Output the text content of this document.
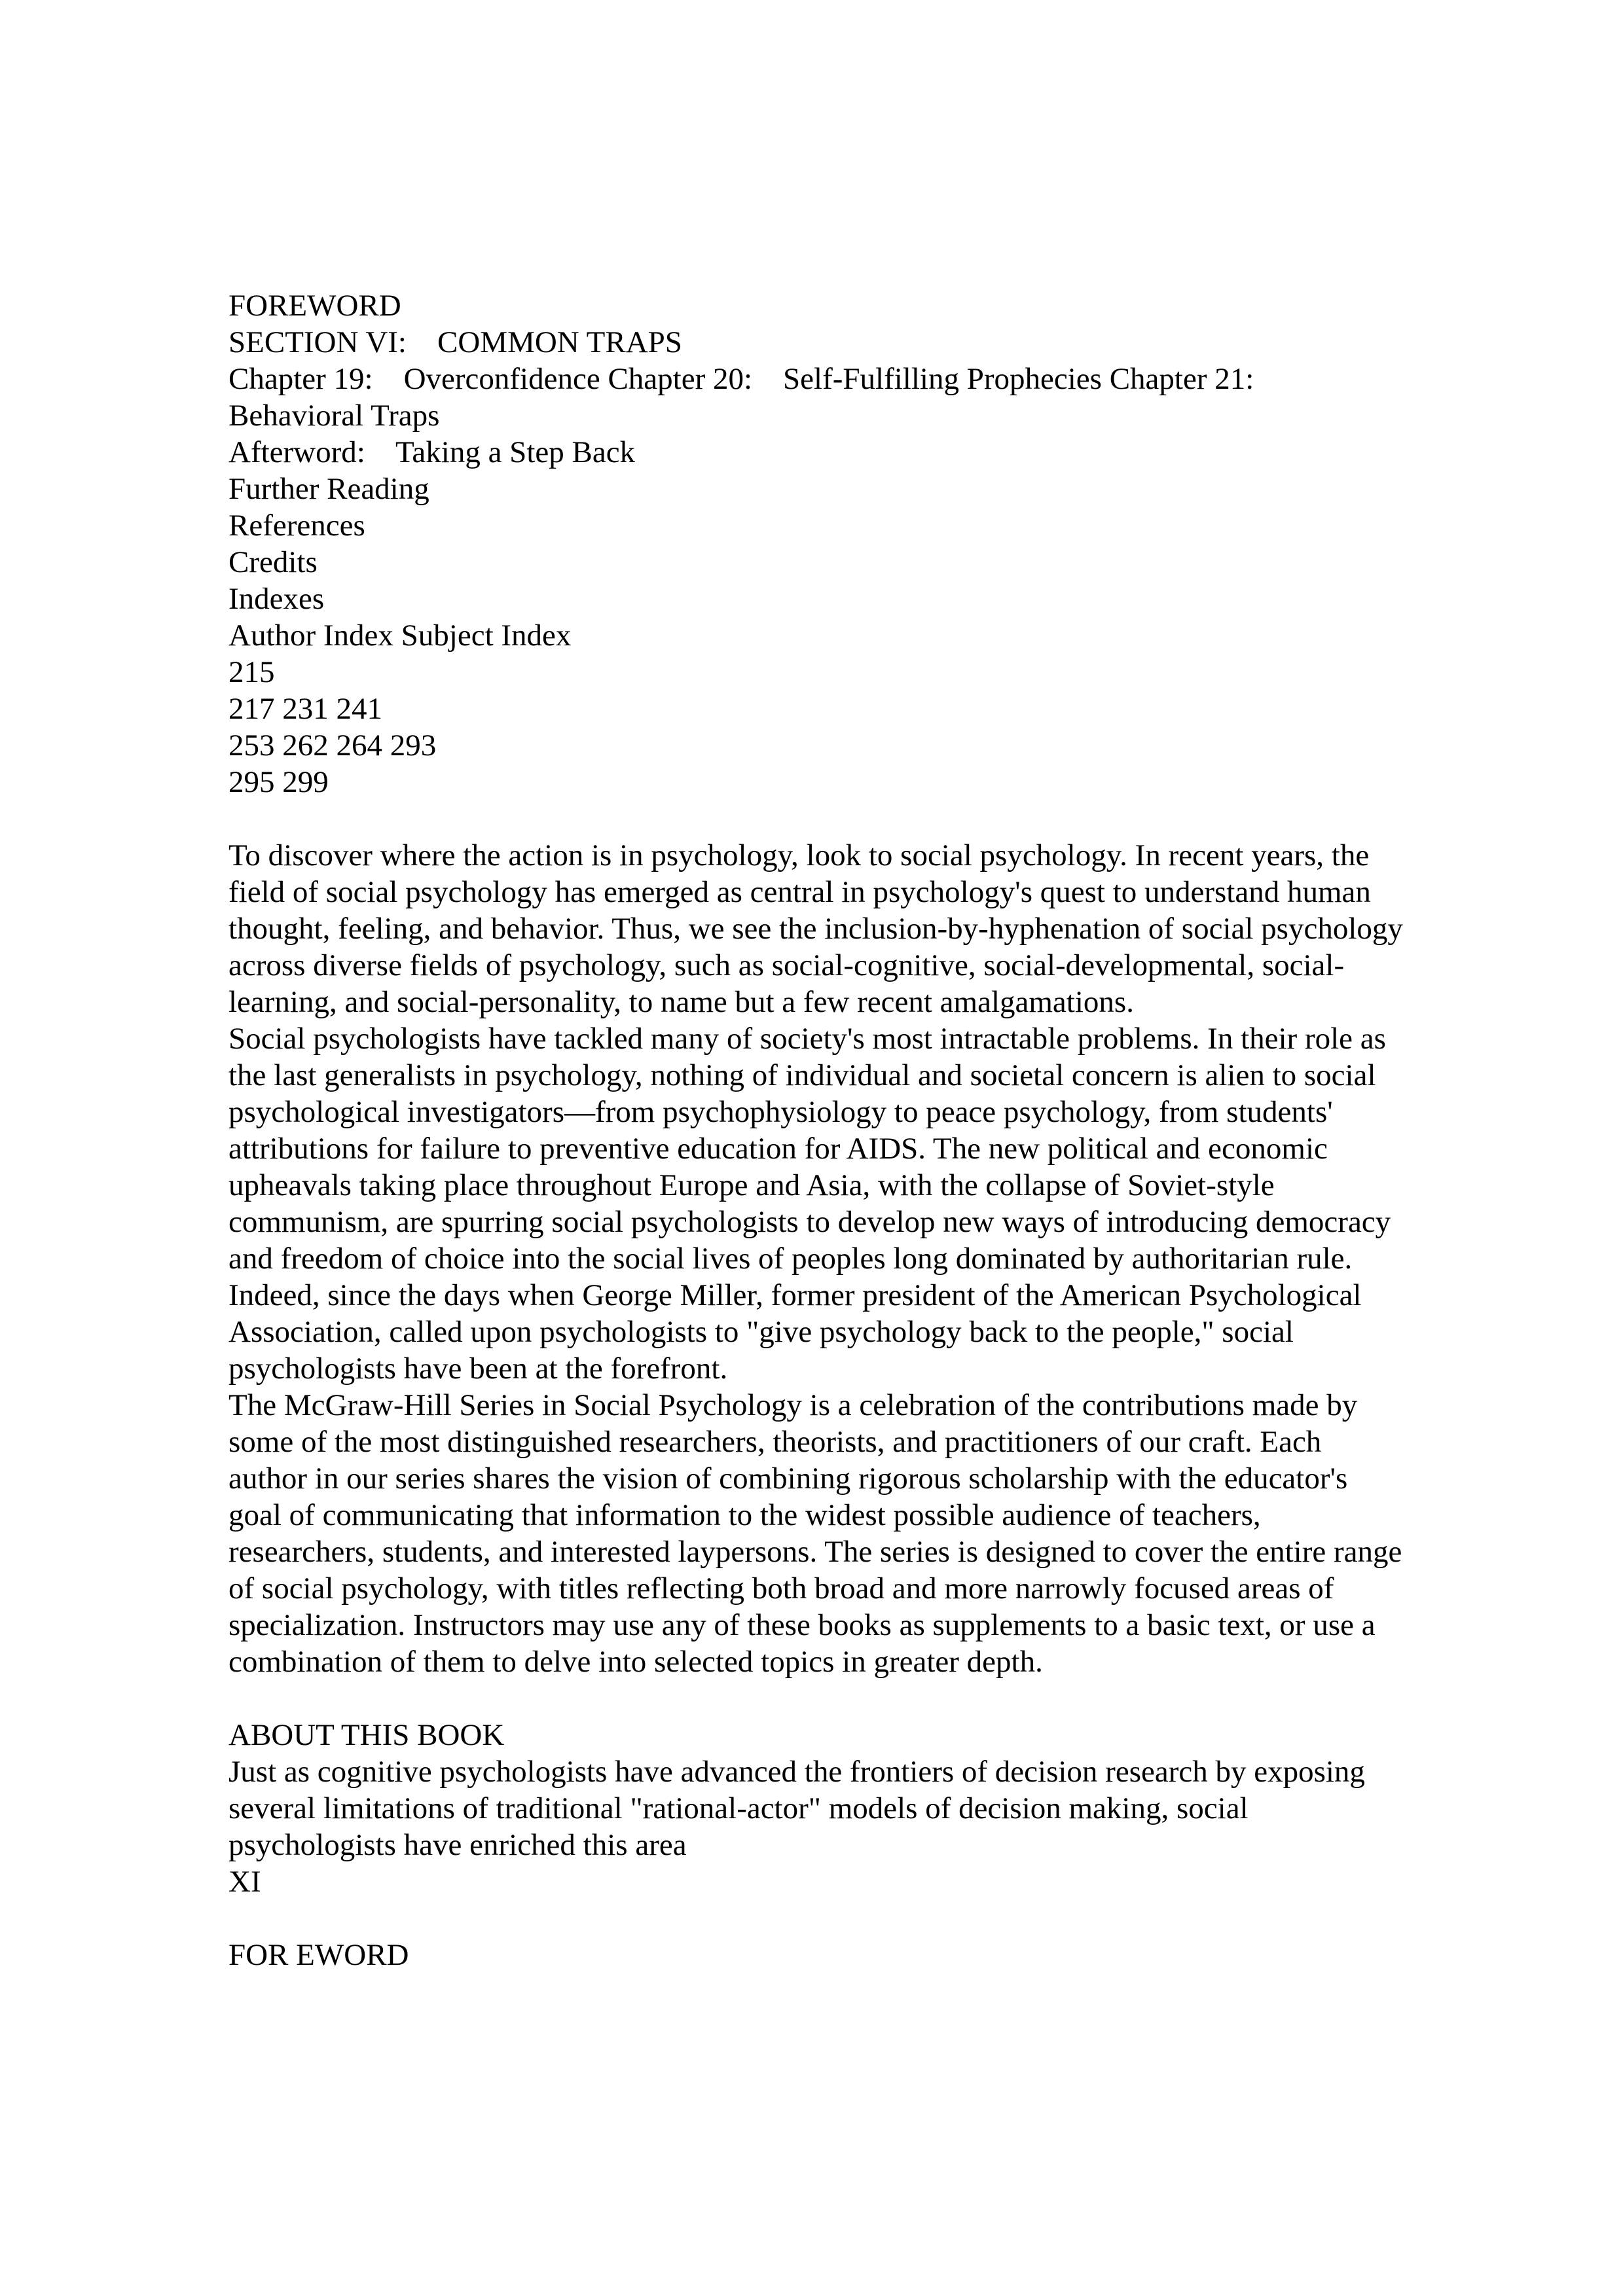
FOREWORD
SECTION VI:    COMMON TRAPS
Chapter 19:    Overconfidence Chapter 20:    Self-Fulfilling Prophecies Chapter 21:
Behavioral Traps
Afterword:    Taking a Step Back
Further Reading
References
Credits
Indexes
Author Index Subject Index
215
217 231 241
253 262 264 293
295 299

To discover where the action is in psychology, look to social psychology. In recent years, the field of social psychology has emerged as central in psychology's quest to understand human thought, feeling, and behavior. Thus, we see the inclusion-by-hyphenation of social psychology across diverse fields of psychology, such as social-cognitive, social-developmental, social-learning, and social-personality, to name but a few recent amalgamations.

Social psychologists have tackled many of society's most intractable problems. In their role as the last generalists in psychology, nothing of individual and societal concern is alien to social psychological investigators—from psychophysiology to peace psychology, from students' attributions for failure to preventive education for AIDS. The new political and economic upheavals taking place throughout Europe and Asia, with the collapse of Soviet-style communism, are spurring social psychologists to develop new ways of introducing democracy and freedom of choice into the social lives of peoples long dominated by authoritarian rule. Indeed, since the days when George Miller, former president of the American Psychological Association, called upon psychologists to "give psychology back to the people," social psychologists have been at the forefront.

The McGraw-Hill Series in Social Psychology is a celebration of the contributions made by some of the most distinguished researchers, theorists, and practitioners of our craft. Each author in our series shares the vision of combining rigorous scholarship with the educator's goal of communicating that information to the widest possible audience of teachers, researchers, students, and interested laypersons. The series is designed to cover the entire range of social psychology, with titles reflecting both broad and more narrowly focused areas of specialization. Instructors may use any of these books as supplements to a basic text, or use a combination of them to delve into selected topics in greater depth.

ABOUT THIS BOOK

Just as cognitive psychologists have advanced the frontiers of decision research by exposing several limitations of traditional "rational-actor" models of decision making, social psychologists have enriched this area

XI
FOR EWORD
